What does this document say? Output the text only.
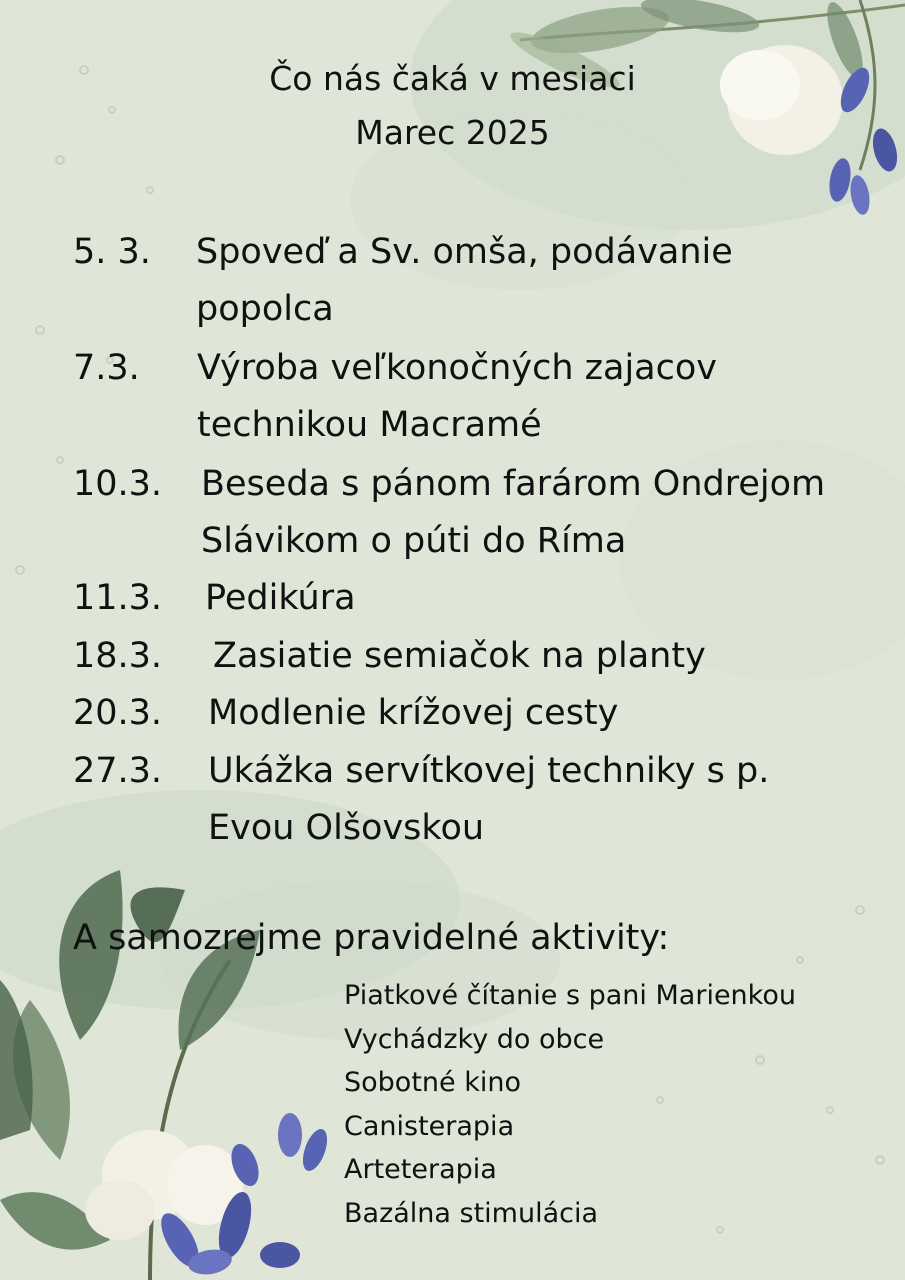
Čo nás čaká v mesiaci
Marec 2025
5. 3. Spoveď a Sv. omša, podávanie
popolca
7.3. Výroba veľkonočných zajacov
technikou Macramé
10.3. Beseda s pánom farárom Ondrejom
Slávikom o púti do Ríma
11.3. Pedikúra
18.3. Zasiatie semiačok na planty
20.3. Modlenie krížovej cesty
27.3. Ukážka servítkovej techniky s p.
Evou Olšovskou
A samozrejme pravidelné aktivity:
Piatkové čítanie s pani Marienkou
Vychádzky do obce
Sobotné kino
Canisterapia
Arteterapia
Bazálna stimulácia
